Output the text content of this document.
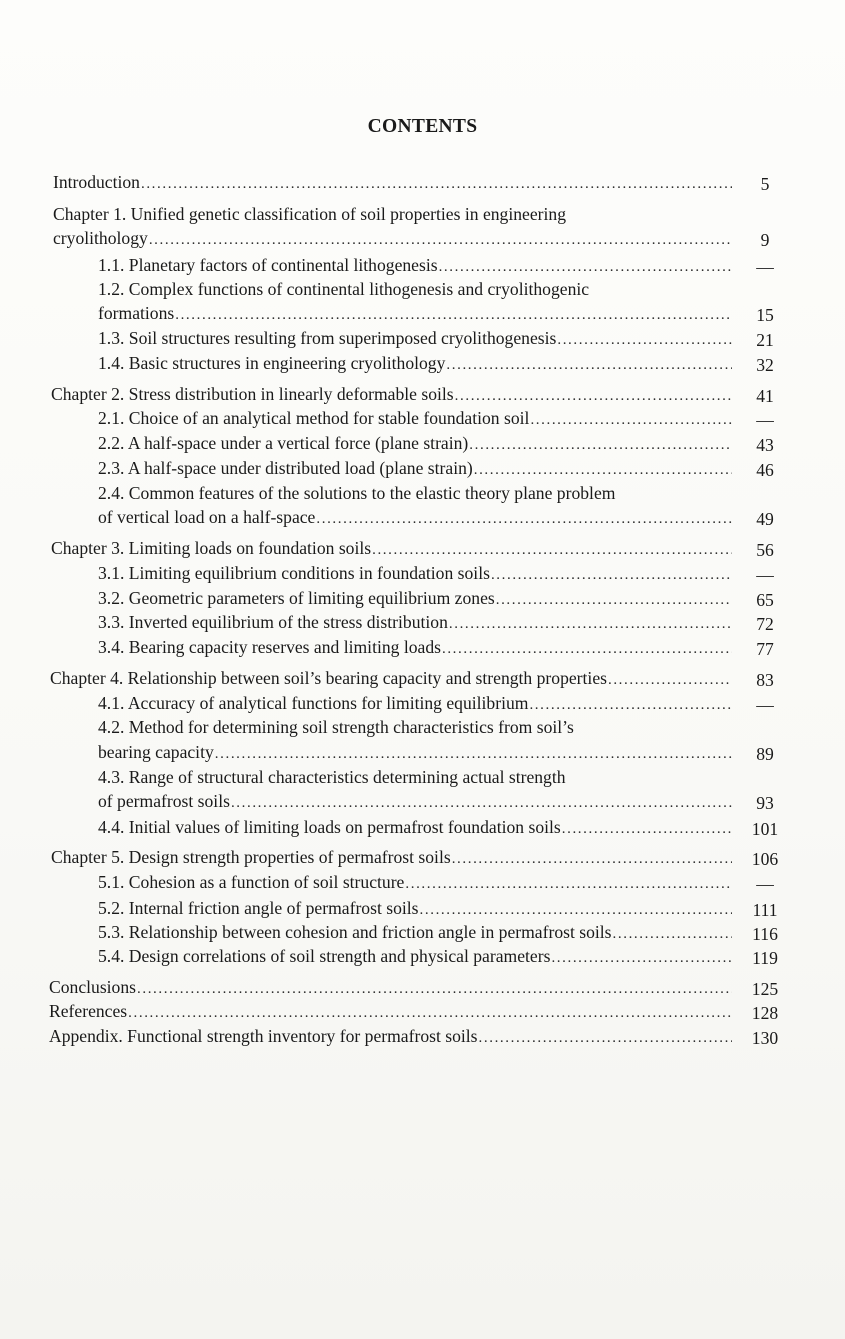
CONTENTS
Introduction .....	5
Chapter 1. Unified genetic classification of soil properties in engineering
cryolithology .....	9
1.1. Planetary factors of continental lithogenesis .....	—
1.2. Complex functions of continental lithogenesis and cryolithogenic
formations .....	15
1.3. Soil structures resulting from superimposed cryolithogenesis .....	21
1.4. Basic structures in engineering cryolithology .....	32
Chapter 2. Stress distribution in linearly deformable soils .....	41
2.1. Choice of an analytical method for stable foundation soil .....	—
2.2. A half-space under a vertical force (plane strain) .....	43
2.3. A half-space under distributed load (plane strain) .....	46
2.4. Common features of the solutions to the elastic theory plane problem
of vertical load on a half-space .....	49
Chapter 3. Limiting loads on foundation soils .....	56
3.1. Limiting equilibrium conditions in foundation soils .....	—
3.2. Geometric parameters of limiting equilibrium zones .....	65
3.3. Inverted equilibrium of the stress distribution .....	72
3.4. Bearing capacity reserves and limiting loads .....	77
Chapter 4. Relationship between soil’s bearing capacity and strength properties .....	83
4.1. Accuracy of analytical functions for limiting equilibrium .....	—
4.2. Method for determining soil strength characteristics from soil’s
bearing capacity .....	89
4.3. Range of structural characteristics determining actual strength
of permafrost soils .....	93
4.4. Initial values of limiting loads on permafrost foundation soils .....	101
Chapter 5. Design strength properties of permafrost soils .....	106
5.1. Cohesion as a function of soil structure .....	—
5.2. Internal friction angle of permafrost soils .....	111
5.3. Relationship between cohesion and friction angle in permafrost soils .....	116
5.4. Design correlations of soil strength and physical parameters .....	119
Conclusions .....	125
References .....	128
Appendix. Functional strength inventory for permafrost soils .....	130
